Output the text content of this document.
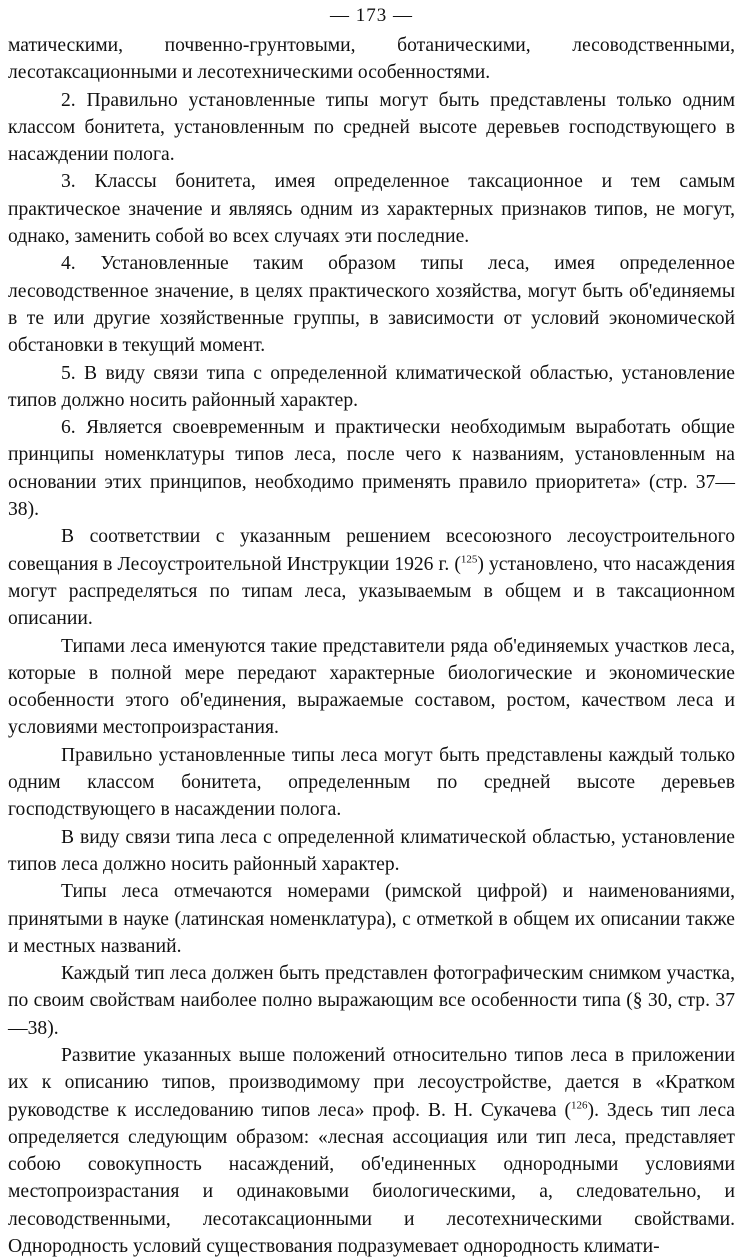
— 173 —

матическими, почвенно-грунтовыми, ботаническими, лесоводственными, лесотаксационными и лесотехническими особенностями.

2. Правильно установленные типы могут быть представлены только одним классом бонитета, установленным по средней высоте деревьев господствующего в насаждении полога.

3. Классы бонитета, имея определенное таксационное и тем самым практическое значение и являясь одним из характерных признаков типов, не могут, однако, заменить собой во всех случаях эти последние.

4. Установленные таким образом типы леса, имея определенное лесоводственное значение, в целях практического хозяйства, могут быть об'единяемы в те или другие хозяйственные группы, в зависимости от условий экономической обстановки в текущий момент.

5. В виду связи типа с определенной климатической областью, установление типов должно носить районный характер.

6. Является своевременным и практически необходимым выработать общие принципы номенклатуры типов леса, после чего к названиям, установленным на основании этих принципов, необходимо применять правило приоритета» (стр. 37—38).

В соответствии с указанным решением всесоюзного лесоустроительного совещания в Лесоустроительной Инструкции 1926 г. ($^{125}$) установлено, что насаждения могут распределяться по типам леса, указываемым в общем и в таксационном описании.

Типами леса именуются такие представители ряда об'единяемых участков леса, которые в полной мере передают характерные биологические и экономические особенности этого об'единения, выражаемые составом, ростом, качеством леса и условиями местопроизрастания.

Правильно установленные типы леса могут быть представлены каждый только одним классом бонитета, определенным по средней высоте деревьев господствующего в насаждении полога.

В виду связи типа леса с определенной климатической областью, установление типов леса должно носить районный характер.

Типы леса отмечаются номерами (римской цифрой) и наименованиями, принятыми в науке (латинская номенклатура), с отметкой в общем их описании также и местных названий.

Каждый тип леса должен быть представлен фотографическим снимком участка, по своим свойствам наиболее полно выражающим все особенности типа (§ 30, стр. 37—38).

Развитие указанных выше положений относительно типов леса в приложении их к описанию типов, производимому при лесоустройстве, дается в «Кратком руководстве к исследованию типов леса» проф. В. Н. Сукачева ($^{126}$). Здесь тип леса определяется следующим образом: «лесная ассоциация или тип леса, представляет собою совокупность насаждений, об'единенных однородными условиями местопроизрастания и одинаковыми биологическими, а, следовательно, и лесоводственными, лесотаксационными и лесотехническими свойствами. Однородность условий существования подразумевает однородность климати-
